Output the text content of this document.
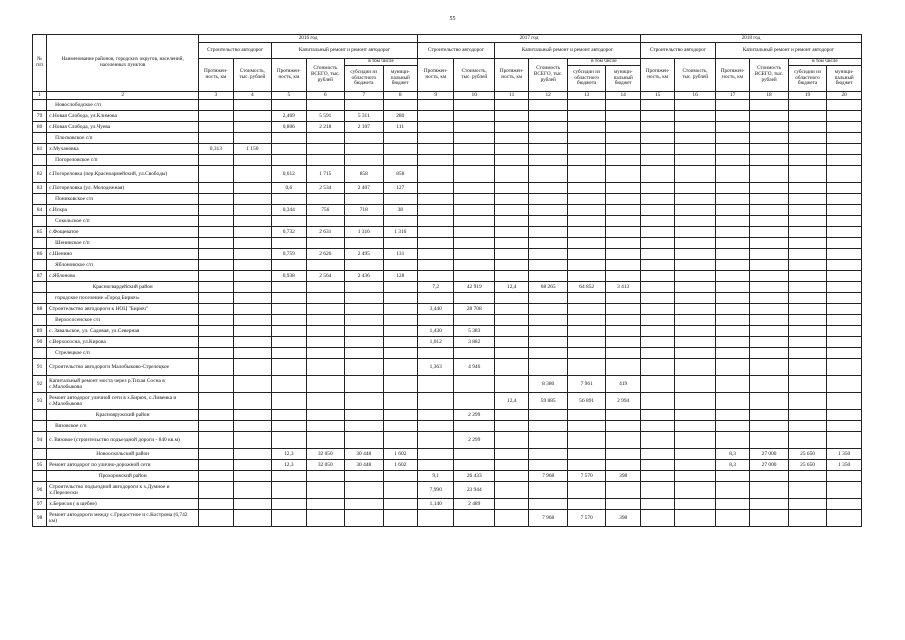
55
№ п/п	Наименование районов, городских округов, населений, населенных пунктов	2016 год						2017 год						2018 год					
		Строительство автодорог		Капитальный ремонт и ремонт автодорог				Строительство автодорог		Капитальный ремонт и ремонт автодорог				Строительство автодорог		Капитальный ремонт и ремонт автодорог			
		Протяжен-ность, км	Стоимость, тыс. рублей	Протяжен-ность, км	Стоимость ВСЕГО, тыс. рублей	в том числе		Протяжен-ность, км	Стоимость, тыс. рублей	Протяжен-ность, км	Стоимость ВСЕГО, тыс. рублей	в том числе		Протяжен-ность, км	Стоимость, тыс. рублей	Протяжен-ность, км	Стоимость ВСЕГО, тыс. рублей	в том числе	
						субсидии из областного бюджета	муници-пальный бюджет					субсидии из областного бюджета	муници-пальный бюджет					субсидии из областного бюджета	муници-пальный бюджет
1	2	3	4	5	6	7	8	9	10	11	12	13	14	15	16	17	18	19	20
	Новослободское с/п																		
79	с.Новая Слобода, ул.Климова			2,469	5 591	5 311	280												
80	с.Новая Слобода, ул.Чуева			0,806	2 218	2 107	111												
	Плосковское с/п																		
81	х.Мухановка	0,313	1 150																
	Погореловское с/п																		
82	с.Погореловка (пер.Красноармейский, ул.Свободы)			0,612	1 715	858	858												
83	с.Погореловка (ул. Молодежная)			0,6	2 534	2 407	127												
	Пониковское с/п																		
84	с.Искра			0,344	756	718	38												
	Сокольское с/п																		
85	с.Фощеватое			0,732	2 631	1 316	1 316												
	Шенинское с/п																		
86	с.Шенино			0,759	2 626	2 495	131												
	Яблоновское с/п																		
87	с.Яблоново			0,938	2 564	2 436	128												
	Красногвардейский район							7,2	42 919	12,4	68 265	64 852	3 413						
	городское поселение «Город Бирюч»																		
88	Строительство автодороги к НОЦ "Бирюч"							3,440	28 708										
	Верхососенское с/п																		
89	с. Завальское, ул. Садовая, ул.Северная							1,430	5 383										
90	с.Верхососна, ул.Кирова							1,012	3 882										
	Стрелецкое с/п																		
91	Строительство автодороги Малобыково-Стрелецкое							1,363	4 946										
92	Капитальный ремонт моста через р.Тихая Сосна в с.Малобыково										8 380	7 961	419						
93	Ремонт автодорог уличной сети в х.Бирюч, с.Ливенка и с.Малобыково									12,4	59 885	56 891	2 994						
	Краснояружский район								2 299										
	Вязовское с/п																		
94	с. Вязовое (строительство подъездной дороги - 840 кв.м)								2 299										
	Новооскольский район			12,3	32 050	30 448	1 602									8,3	27 000	25 650	1 350
95	Ремонт автодорог по улично-дорожной сети			12,3	32 050	30 448	1 602									8,3	27 000	25 650	1 350
	Прохоровский район							9,1	26 433		7 968	7 570	398						
96	Строительство подъездной автодороги к х.Думное и х.Перелески							7,990	23 944										
97	х.Берисов ( в щебне)							1,140	2 489										
98	Ремонт автодороги между с.Гридостное и с.Кострома (6,742 км)										7 968	7 570	398						
